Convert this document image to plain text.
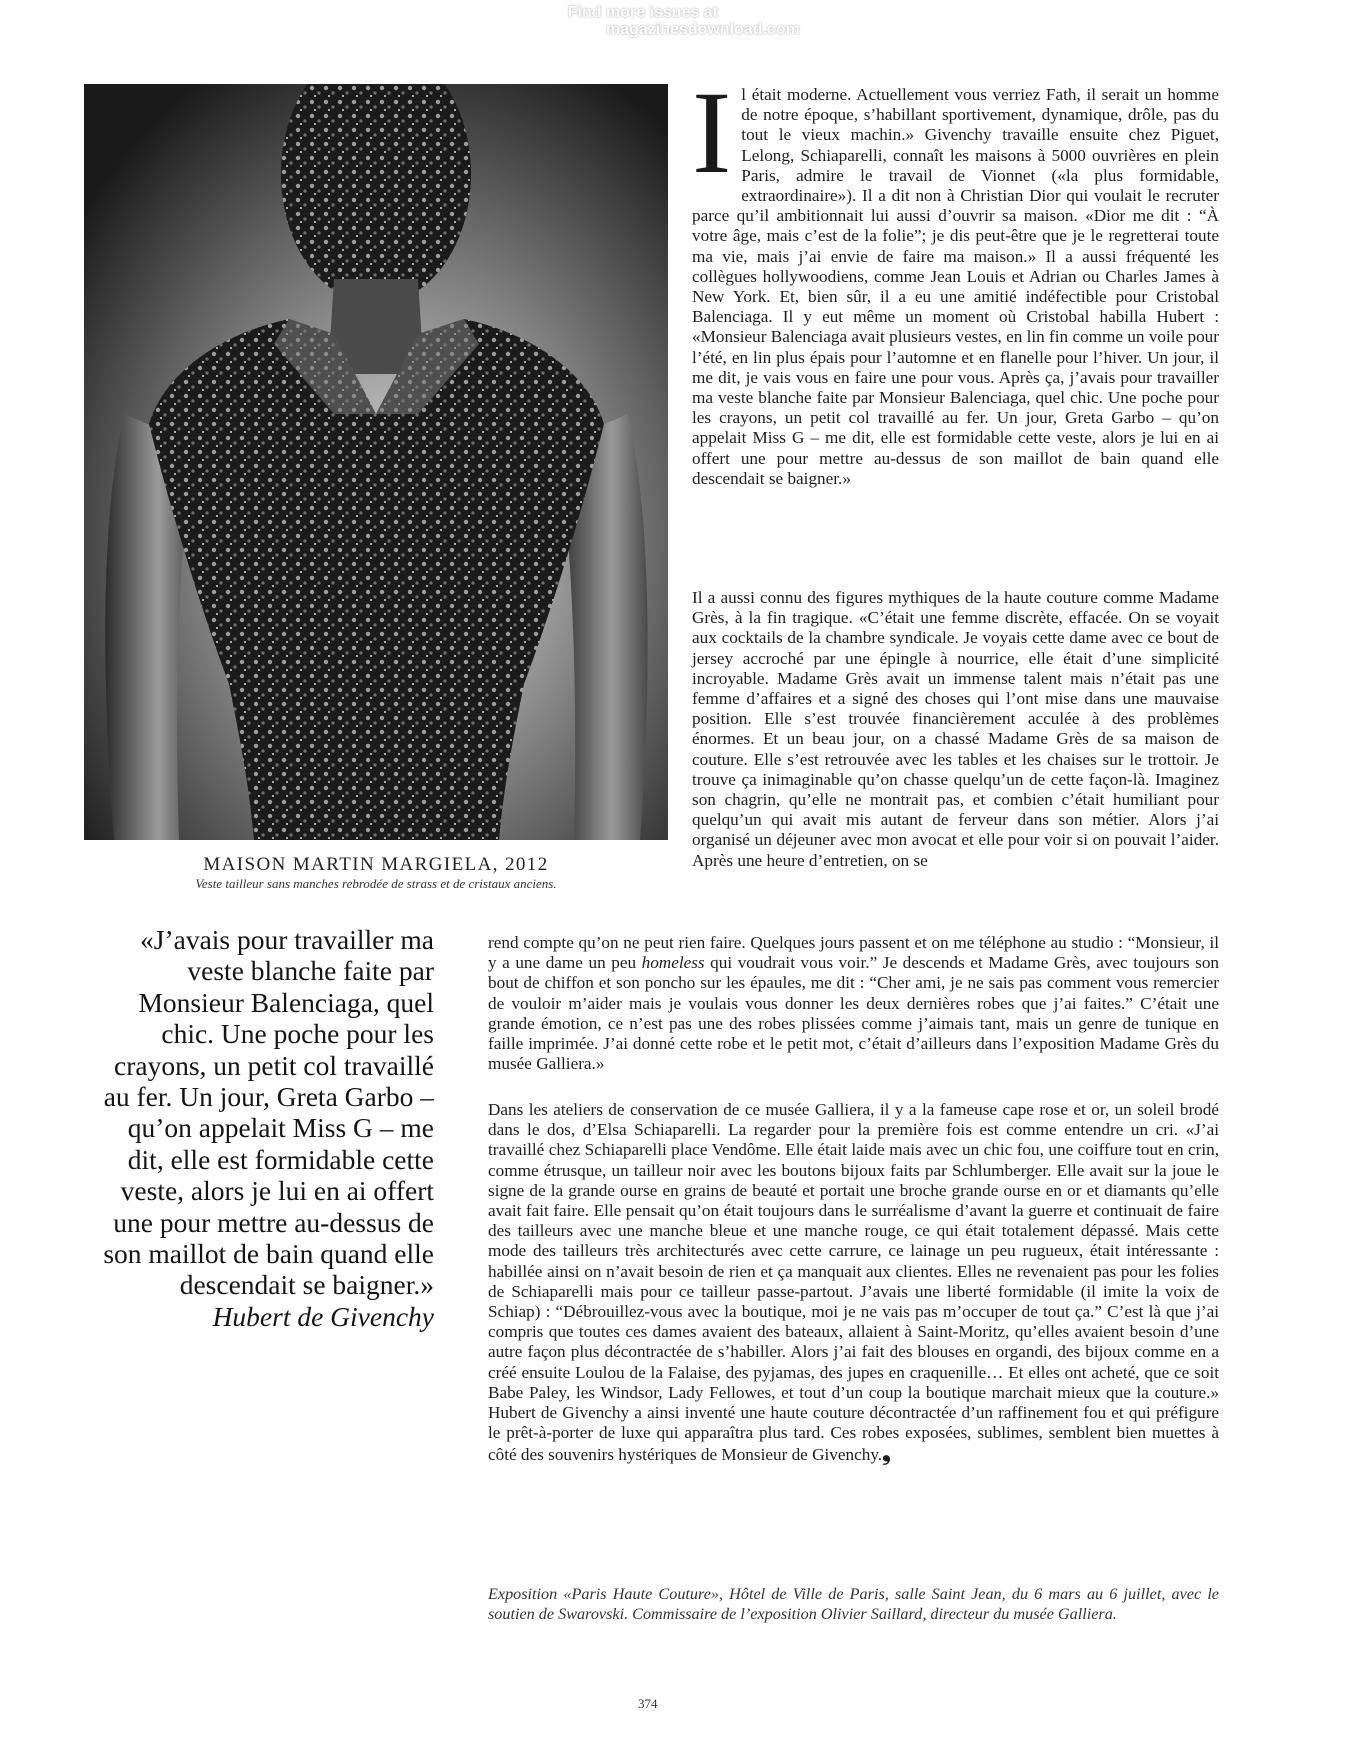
Find more issues at
magazinesdownload.com
MAISON MARTIN MARGIELA, 2012
Veste tailleur sans manches rebrodée de strass et de cristaux anciens.
«J’avais pour travailler ma veste blanche faite par Monsieur Balenciaga, quel chic. Une poche pour les crayons, un petit col travaillé au fer. Un jour, Greta Garbo – qu’on appelait Miss G – me dit, elle est formidable cette veste, alors je lui en ai offert une pour mettre au-dessus de son maillot de bain quand elle descendait se baigner.»
Hubert de Givenchy
Il était moderne. Actuellement vous verriez Fath, il serait un homme de notre époque, s’habillant sportivement, dynamique, drôle, pas du tout le vieux machin.» Givenchy travaille ensuite chez Piguet, Lelong, Schiaparelli, connaît les maisons à 5000 ouvrières en plein Paris, admire le travail de Vionnet («la plus formidable, extraordinaire»). Il a dit non à Christian Dior qui voulait le recruter parce qu’il ambitionnait lui aussi d’ouvrir sa maison. «Dior me dit : “À votre âge, mais c’est de la folie”; je dis peut-être que je le regretterai toute ma vie, mais j’ai envie de faire ma maison.» Il a aussi fréquenté les collègues hollywoodiens, comme Jean Louis et Adrian ou Charles James à New York. Et, bien sûr, il a eu une amitié indéfectible pour Cristobal Balenciaga. Il y eut même un moment où Cristobal habilla Hubert : «Monsieur Balenciaga avait plusieurs vestes, en lin fin comme un voile pour l’été, en lin plus épais pour l’automne et en flanelle pour l’hiver. Un jour, il me dit, je vais vous en faire une pour vous. Après ça, j’avais pour travailler ma veste blanche faite par Monsieur Balenciaga, quel chic. Une poche pour les crayons, un petit col travaillé au fer. Un jour, Greta Garbo – qu’on appelait Miss G – me dit, elle est formidable cette veste, alors je lui en ai offert une pour mettre au-dessus de son maillot de bain quand elle descendait se baigner.»

Il a aussi connu des figures mythiques de la haute couture comme Madame Grès, à la fin tragique. «C’était une femme discrète, effacée. On se voyait aux cocktails de la chambre syndicale. Je voyais cette dame avec ce bout de jersey accroché par une épingle à nourrice, elle était d’une simplicité incroyable. Madame Grès avait un immense talent mais n’était pas une femme d’affaires et a signé des choses qui l’ont mise dans une mauvaise position. Elle s’est trouvée financièrement acculée à des problèmes énormes. Et un beau jour, on a chassé Madame Grès de sa maison de couture. Elle s’est retrouvée avec les tables et les chaises sur le trottoir. Je trouve ça inimaginable qu’on chasse quelqu’un de cette façon-là. Imaginez son chagrin, qu’elle ne montrait pas, et combien c’était humiliant pour quelqu’un qui avait mis autant de ferveur dans son métier. Alors j’ai organisé un déjeuner avec mon avocat et elle pour voir si on pouvait l’aider. Après une heure d’entretien, on se

rend compte qu’on ne peut rien faire. Quelques jours passent et on me téléphone au studio : “Monsieur, il y a une dame un peu homeless qui voudrait vous voir.” Je descends et Madame Grès, avec toujours son bout de chiffon et son poncho sur les épaules, me dit : “Cher ami, je ne sais pas comment vous remercier de vouloir m’aider mais je voulais vous donner les deux dernières robes que j’ai faites.” C’était une grande émotion, ce n’est pas une des robes plissées comme j’aimais tant, mais un genre de tunique en faille imprimée. J’ai donné cette robe et le petit mot, c’était d’ailleurs dans l’exposition Madame Grès du musée Galliera.»

Dans les ateliers de conservation de ce musée Galliera, il y a la fameuse cape rose et or, un soleil brodé dans le dos, d’Elsa Schiaparelli. La regarder pour la première fois est comme entendre un cri. «J’ai travaillé chez Schiaparelli place Vendôme. Elle était laide mais avec un chic fou, une coiffure tout en crin, comme étrusque, un tailleur noir avec les boutons bijoux faits par Schlumberger. Elle avait sur la joue le signe de la grande ourse en grains de beauté et portait une broche grande ourse en or et diamants qu’elle avait fait faire. Elle pensait qu’on était toujours dans le surréalisme d’avant la guerre et continuait de faire des tailleurs avec une manche bleue et une manche rouge, ce qui était totalement dépassé. Mais cette mode des tailleurs très architecturés avec cette carrure, ce lainage un peu rugueux, était intéressante : habillée ainsi on n’avait besoin de rien et ça manquait aux clientes. Elles ne revenaient pas pour les folies de Schiaparelli mais pour ce tailleur passe-partout. J’avais une liberté formidable (il imite la voix de Schiap) : “Débrouillez-vous avec la boutique, moi je ne vais pas m’occuper de tout ça.” C’est là que j’ai compris que toutes ces dames avaient des bateaux, allaient à Saint-Moritz, qu’elles avaient besoin d’une autre façon plus décontractée de s’habiller. Alors j’ai fait des blouses en organdi, des bijoux comme en a créé ensuite Loulou de la Falaise, des pyjamas, des jupes en craquenille… Et elles ont acheté, que ce soit Babe Paley, les Windsor, Lady Fellowes, et tout d’un coup la boutique marchait mieux que la couture.» Hubert de Givenchy a ainsi inventé une haute couture décontractée d’un raffinement fou et qui préfigure le prêt-à-porter de luxe qui apparaîtra plus tard. Ces robes exposées, sublimes, semblent bien muettes à côté des souvenirs hystériques de Monsieur de Givenchy.❟

Exposition «Paris Haute Couture», Hôtel de Ville de Paris, salle Saint Jean, du 6 mars au 6 juillet, avec le soutien de Swarovski. Commissaire de l’exposition Olivier Saillard, directeur du musée Galliera.

374
